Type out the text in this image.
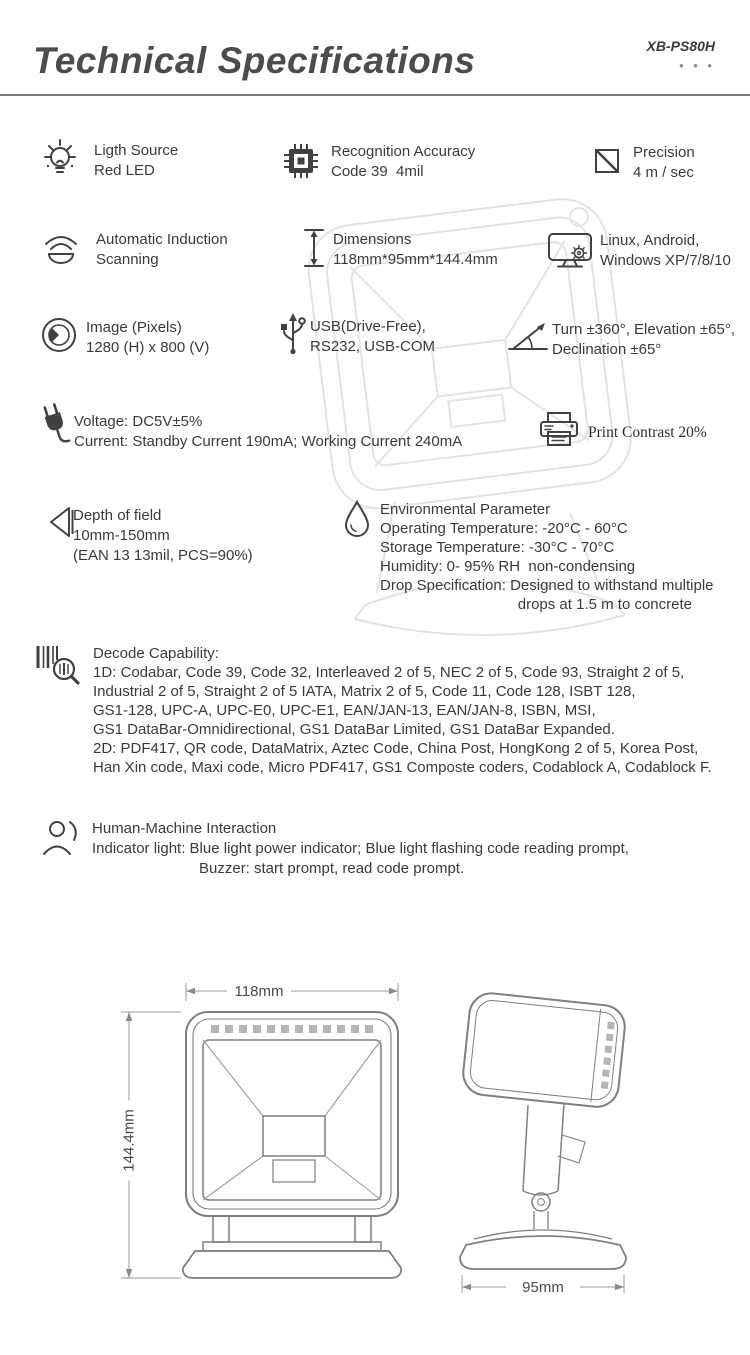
Technical Specifications	XB-PS80H
• • •
Ligth Source
Red LED
Recognition Accuracy
Code 39  4mil
Precision
4 m / sec
Automatic Induction
Scanning
Dimensions
118mm*95mm*144.4mm
Linux, Android,
Windows XP/7/8/10
Image (Pixels)
1280 (H) x 800 (V)
USB(Drive-Free),
RS232, USB-COM
Turn ±360°, Elevation ±65°,
Declination ±65°
Voltage: DC5V±5%
Current: Standby Current 190mA; Working Current 240mA
Print Contrast 20%
Depth of field
10mm-150mm
(EAN 13 13mil, PCS=90%)
Environmental Parameter
Operating Temperature: -20°C - 60°C
Storage Temperature: -30°C - 70°C
Humidity: 0- 95% RH  non-condensing
Drop Specification: Designed to withstand multiple
drops at 1.5 m to concrete
Decode Capability:
1D: Codabar, Code 39, Code 32, Interleaved 2 of 5, NEC 2 of 5, Code 93, Straight 2 of 5,
Industrial 2 of 5, Straight 2 of 5 IATA, Matrix 2 of 5, Code 11, Code 128, ISBT 128,
GS1-128, UPC-A, UPC-E0, UPC-E1, EAN/JAN-13, EAN/JAN-8, ISBN, MSI,
GS1 DataBar-Omnidirectional, GS1 DataBar Limited, GS1 DataBar Expanded.
2D: PDF417, QR code, DataMatrix, Aztec Code, China Post, HongKong 2 of 5, Korea Post,
Han Xin code, Maxi code, Micro PDF417, GS1 Composte coders, Codablock A, Codablock F.
Human-Machine Interaction
Indicator light: Blue light power indicator; Blue light flashing code reading prompt,
Buzzer: start prompt, read code prompt.
118mm
144.4mm
95mm
